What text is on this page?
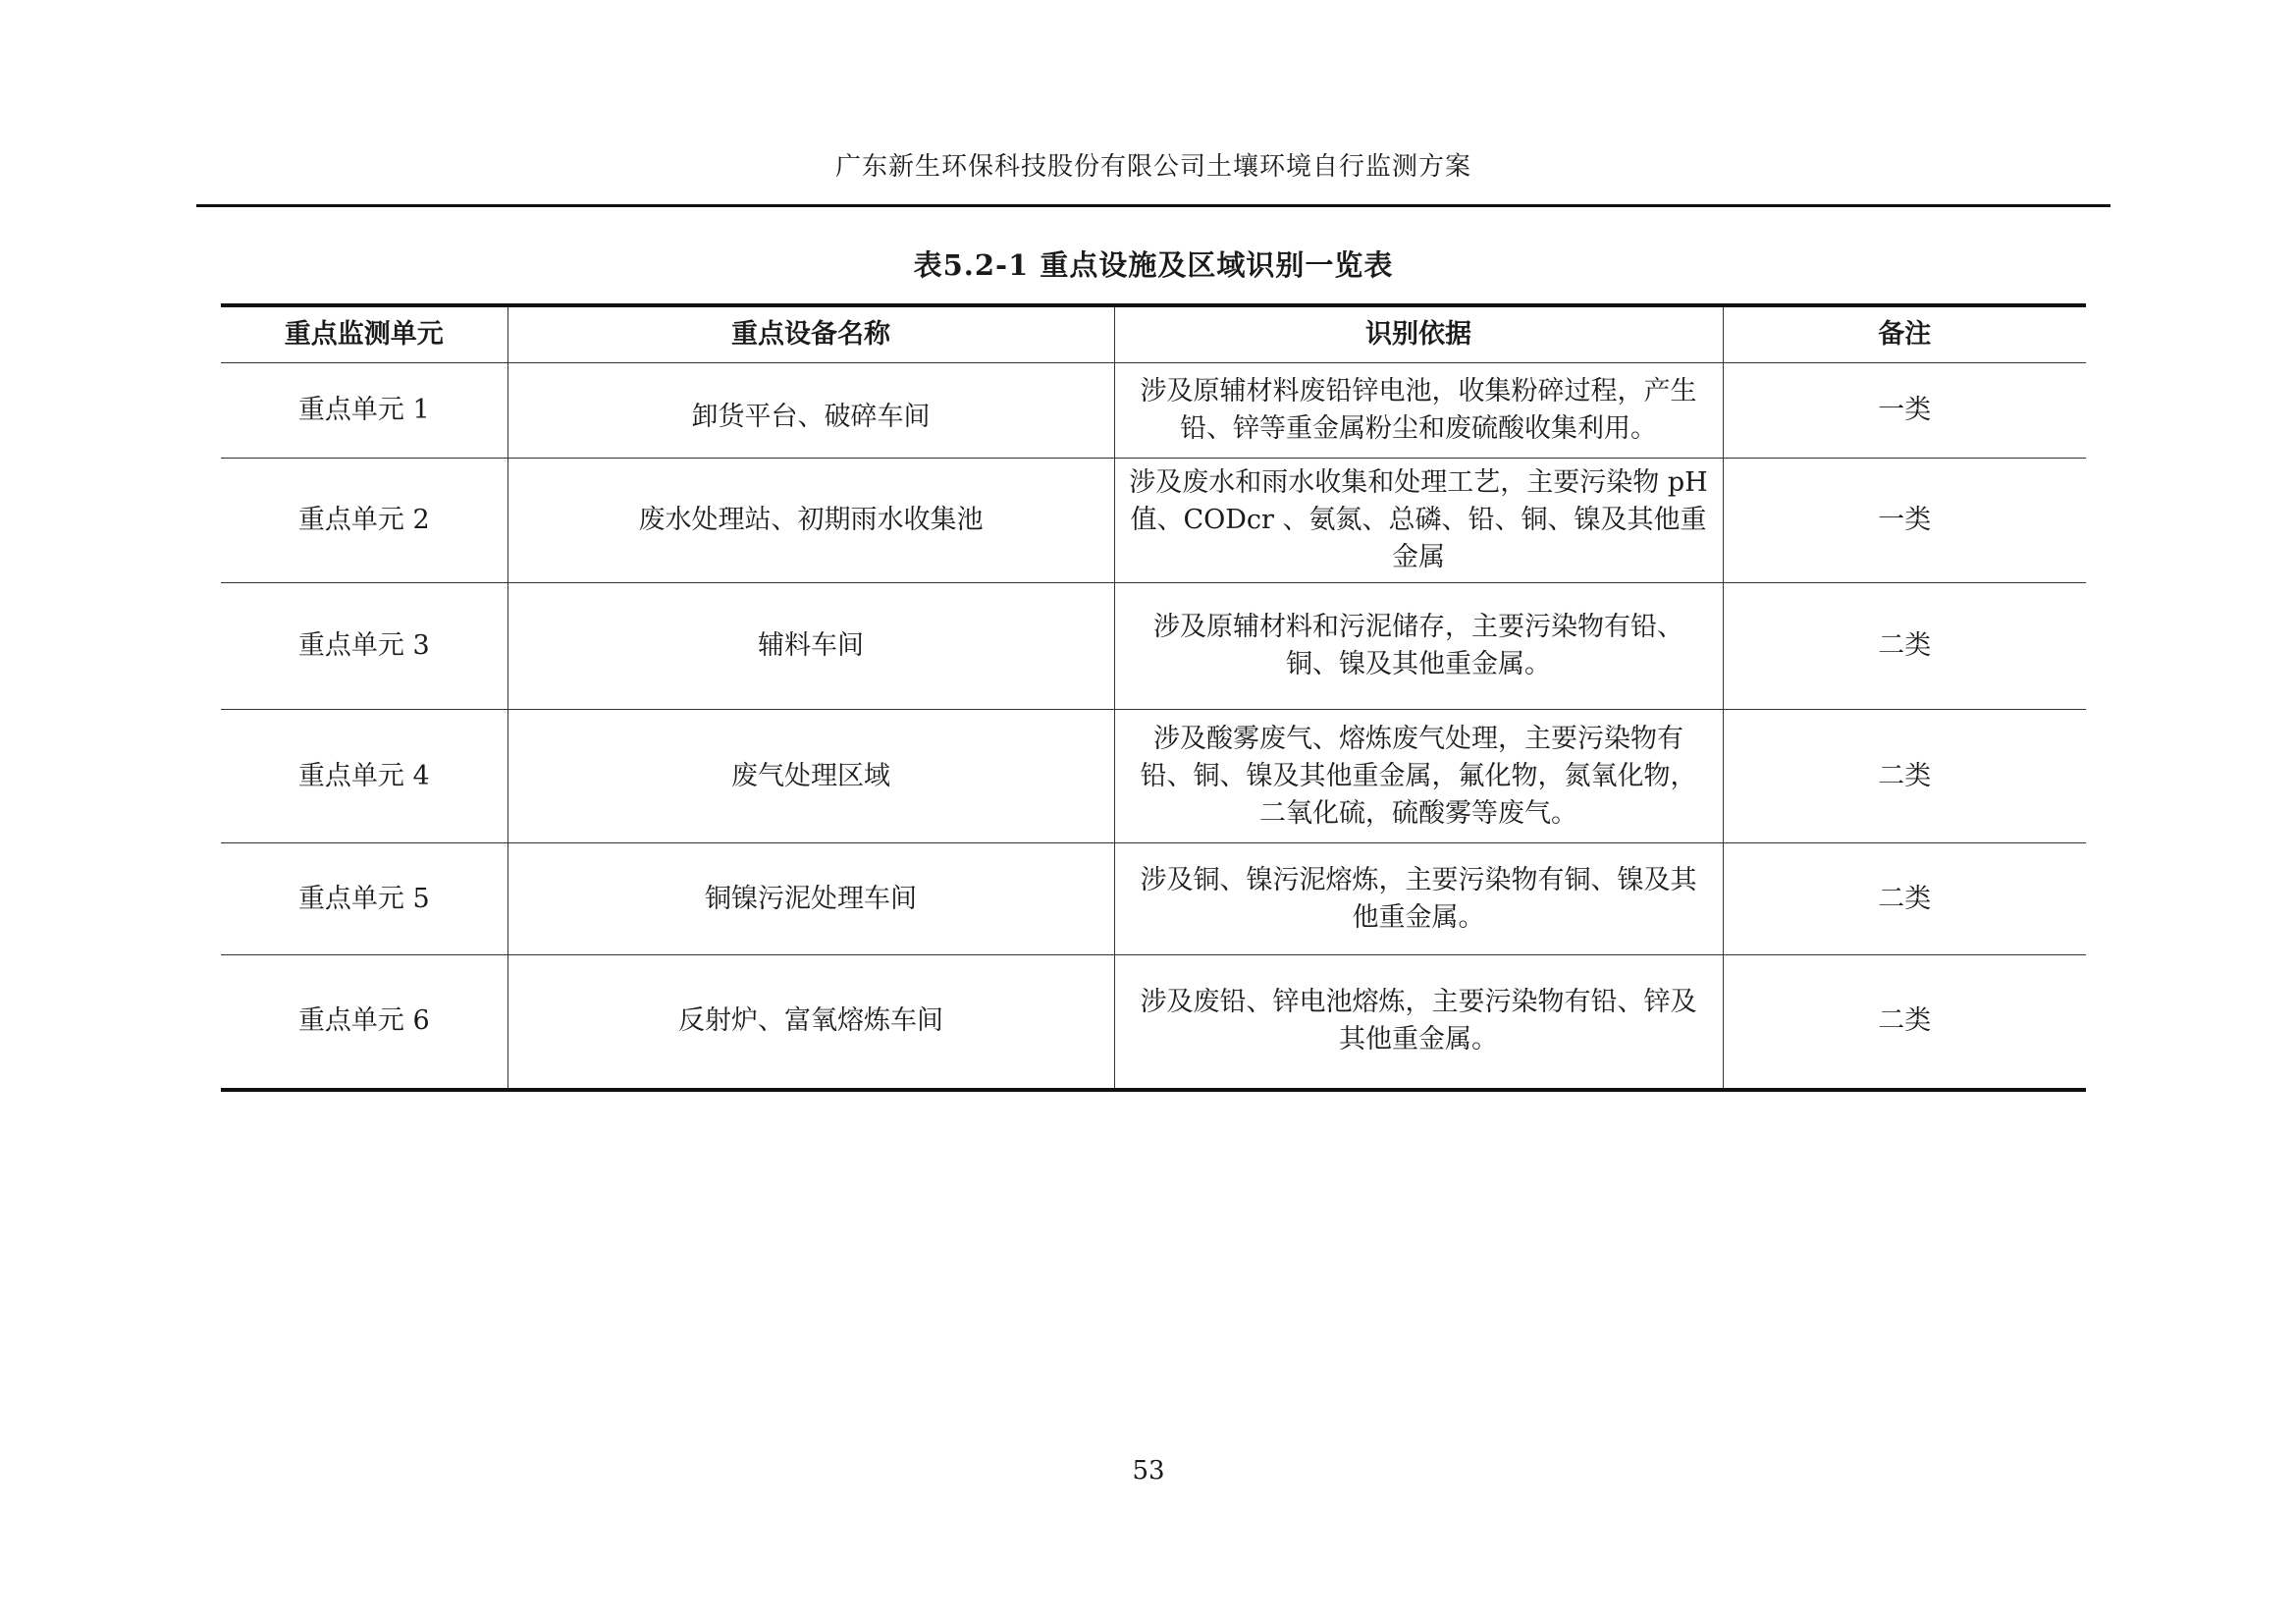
广东新生环保科技股份有限公司土壤环境自行监测方案
表5.2-1 重点设施及区域识别一览表
重点监测单元	重点设备名称	识别依据	备注
重点单元 1	卸货平台、破碎车间	涉及原辅材料废铅锌电池，收集粉碎过程，产生铅、锌等重金属粉尘和废硫酸收集利用。	一类
重点单元 2	废水处理站、初期雨水收集池	涉及废水和雨水收集和处理工艺，主要污染物 pH 值、CODcr 、氨氮、总磷、铅、铜、镍及其他重金属	一类
重点单元 3	辅料车间	涉及原辅材料和污泥储存，主要污染物有铅、铜、镍及其他重金属。	二类
重点单元 4	废气处理区域	涉及酸雾废气、熔炼废气处理，主要污染物有铅、铜、镍及其他重金属，氟化物，氮氧化物，二氧化硫，硫酸雾等废气。	二类
重点单元 5	铜镍污泥处理车间	涉及铜、镍污泥熔炼，主要污染物有铜、镍及其他重金属。	二类
重点单元 6	反射炉、富氧熔炼车间	涉及废铅、锌电池熔炼，主要污染物有铅、锌及其他重金属。	二类
53
